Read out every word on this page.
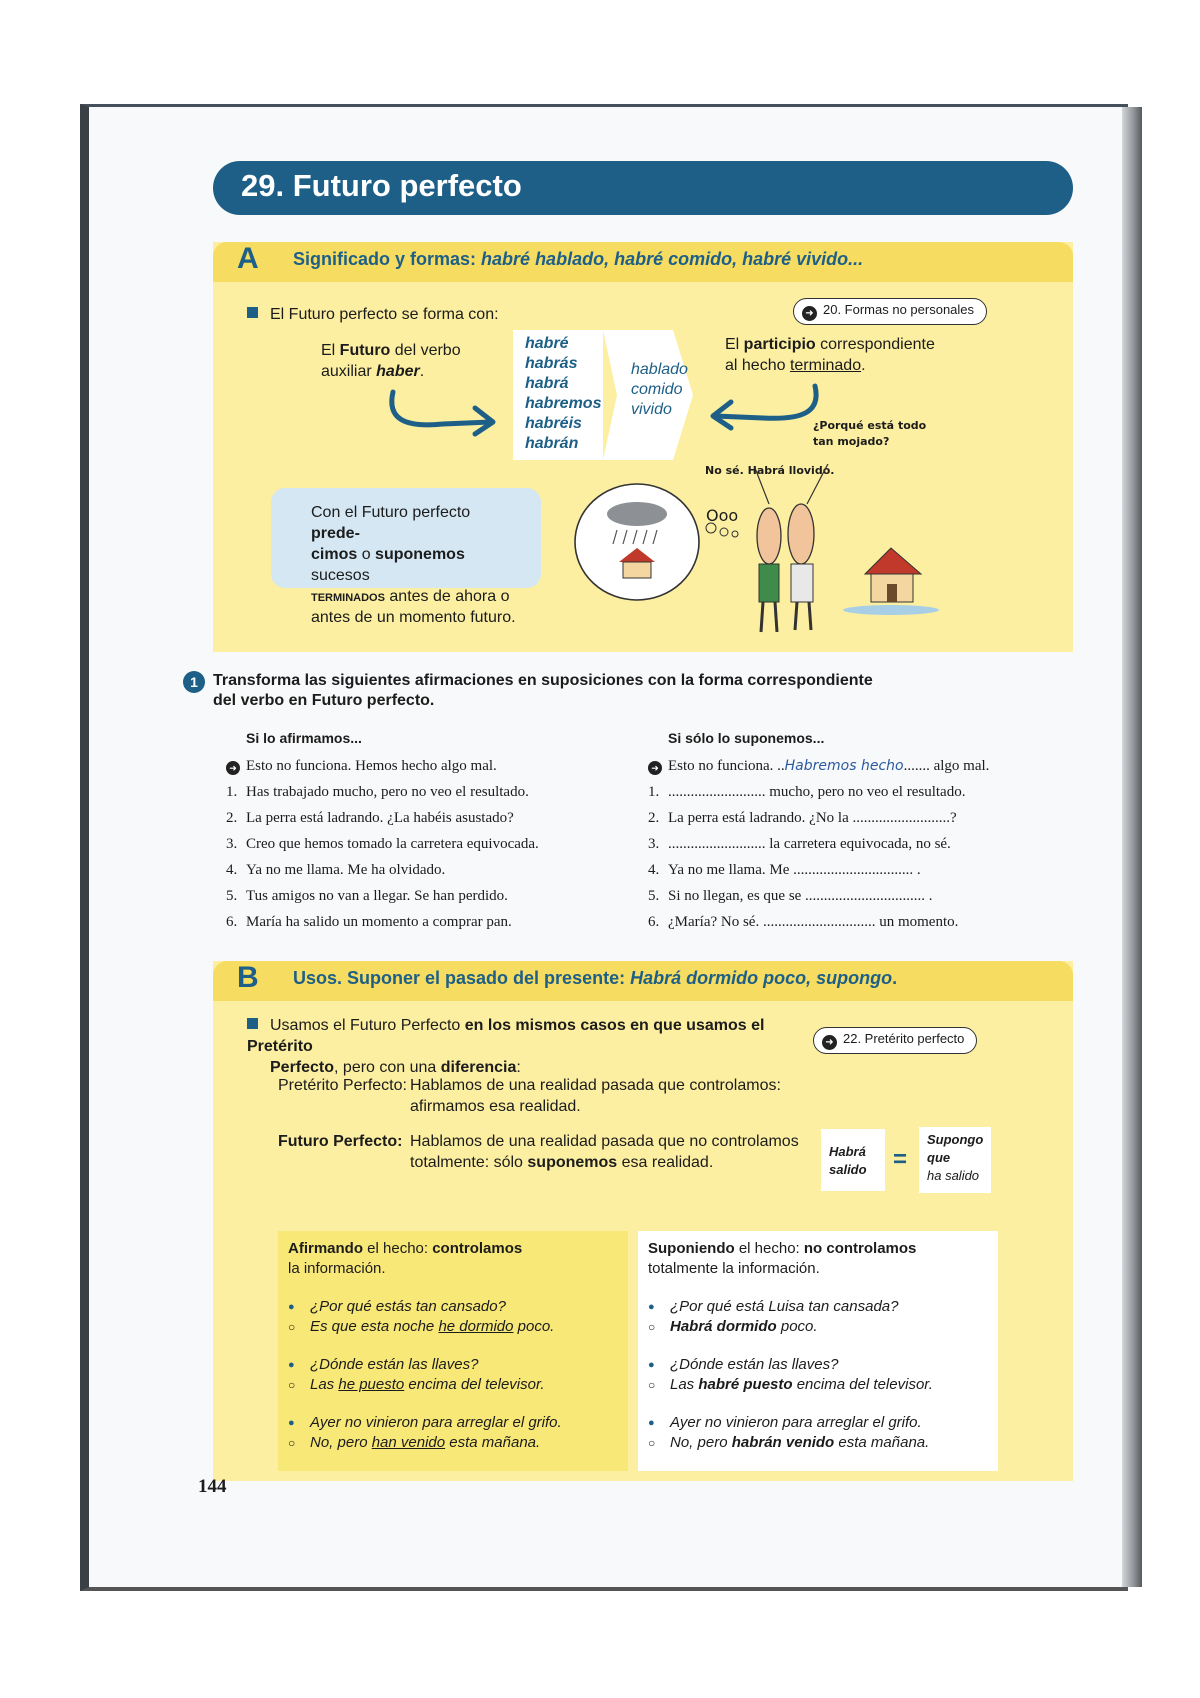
29. Futuro perfecto
A Significado y formas: habré hablado, habré comido, habré vivido...
El Futuro perfecto se forma con:	➜ 20. Formas no personales
El Futuro del verbo
auxiliar haber.
habré
habrás
habrá
habremos
habréis
habrán
hablado
comido
vivido
El participio correspondiente
al hecho terminado.
¿Porqué está todo
tan mojado?
No sé. Habrá llovido.
Con el Futuro perfecto prede-
cimos o suponemos sucesos
terminados antes de ahora o
antes de un momento futuro.
Ooo
1 Transforma las siguientes afirmaciones en suposiciones con la forma correspondiente
del verbo en Futuro perfecto.
Si lo afirmamos...
➜ Esto no funciona. Hemos hecho algo mal.
1. Has trabajado mucho, pero no veo el resultado.
2. La perra está ladrando. ¿La habéis asustado?
3. Creo que hemos tomado la carretera equivocada.
4. Ya no me llama. Me ha olvidado.
5. Tus amigos no van a llegar. Se han perdido.
6. María ha salido un momento a comprar pan.
Si sólo lo suponemos...
➜ Esto no funciona. ..Habremos hecho....... algo mal.
1. .......................... mucho, pero no veo el resultado.
2. La perra está ladrando. ¿No la ..........................?
3. .......................... la carretera equivocada, no sé.
4. Ya no me llama. Me ................................ .
5. Si no llegan, es que se ................................ .
6. ¿María? No sé. .............................. un momento.
B Usos. Suponer el pasado del presente: Habrá dormido poco, supongo.
Usamos el Futuro Perfecto en los mismos casos en que usamos el Pretérito
Perfecto, pero con una diferencia:
➜ 22. Pretérito perfecto
Pretérito Perfecto: Hablamos de una realidad pasada que controlamos:
afirmamos esa realidad.
Futuro Perfecto: Hablamos de una realidad pasada que no controlamos
totalmente: sólo suponemos esa realidad.
Habrá
salido	=
Supongo
que
ha salido
Afirmando el hecho: controlamos
la información.
● ¿Por qué estás tan cansado?
○ Es que esta noche he dormido poco.
● ¿Dónde están las llaves?
○ Las he puesto encima del televisor.
● Ayer no vinieron para arreglar el grifo.
○ No, pero han venido esta mañana.
Suponiendo el hecho: no controlamos
totalmente la información.
● ¿Por qué está Luisa tan cansada?
○ Habrá dormido poco.
● ¿Dónde están las llaves?
○ Las habré puesto encima del televisor.
● Ayer no vinieron para arreglar el grifo.
○ No, pero habrán venido esta mañana.
144
